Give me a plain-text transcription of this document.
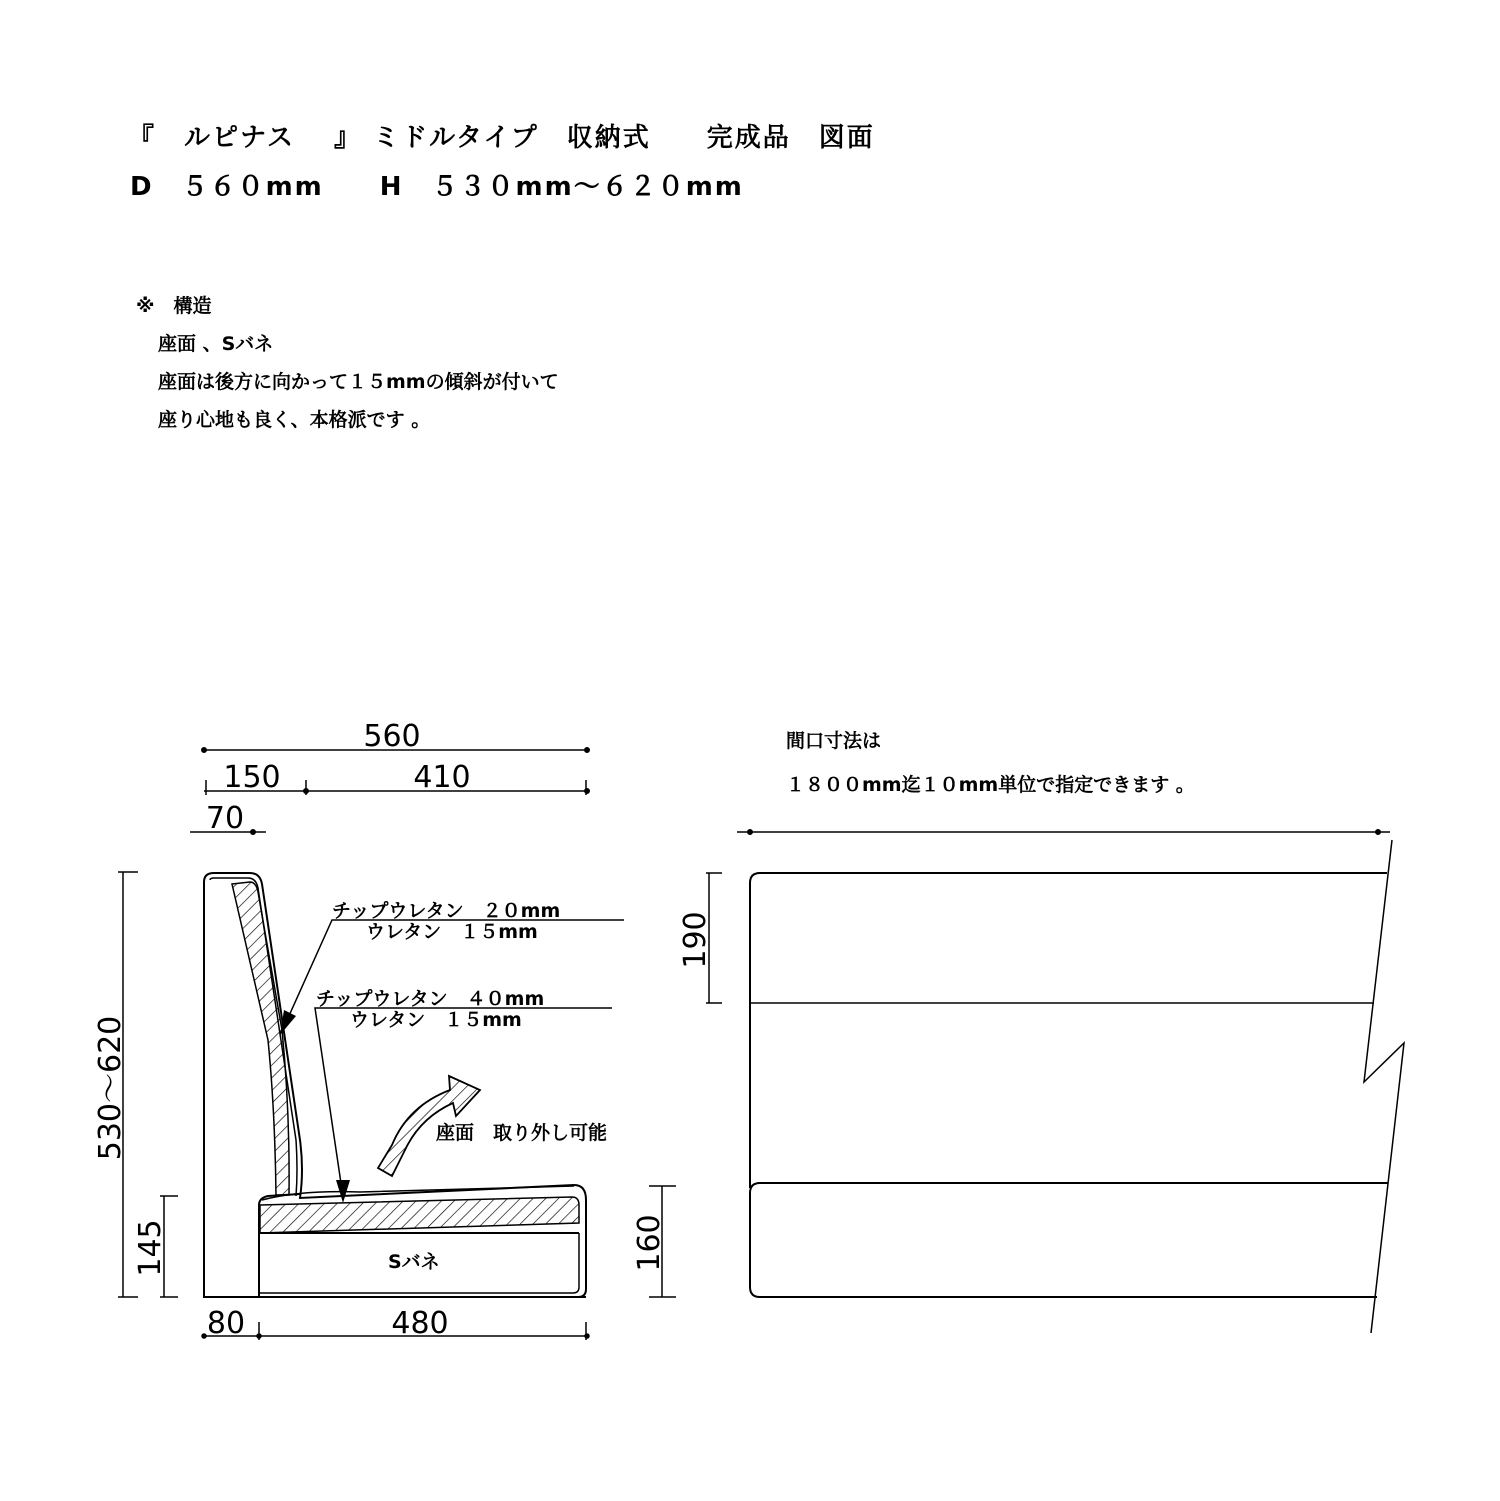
『　ルピナス　 』 ミドルタイプ　収納式　　完成品　図面
D　５６０mm　　H　５３０mm～６２０mm
※　構造
座面 、Sバネ
座面は後方に向かって１５mmの傾斜が付いて
座り心地も良く、本格派です 。
間口寸法は
１８００mm迄１０mm単位で指定できます 。
560
150	410
70
80	480
530～620
145
チップウレタン　２０mm
ウレタン　１５mm
チップウレタン　４０mm
ウレタン　１５mm
座面　取り外し可能
Sバネ
190
160
